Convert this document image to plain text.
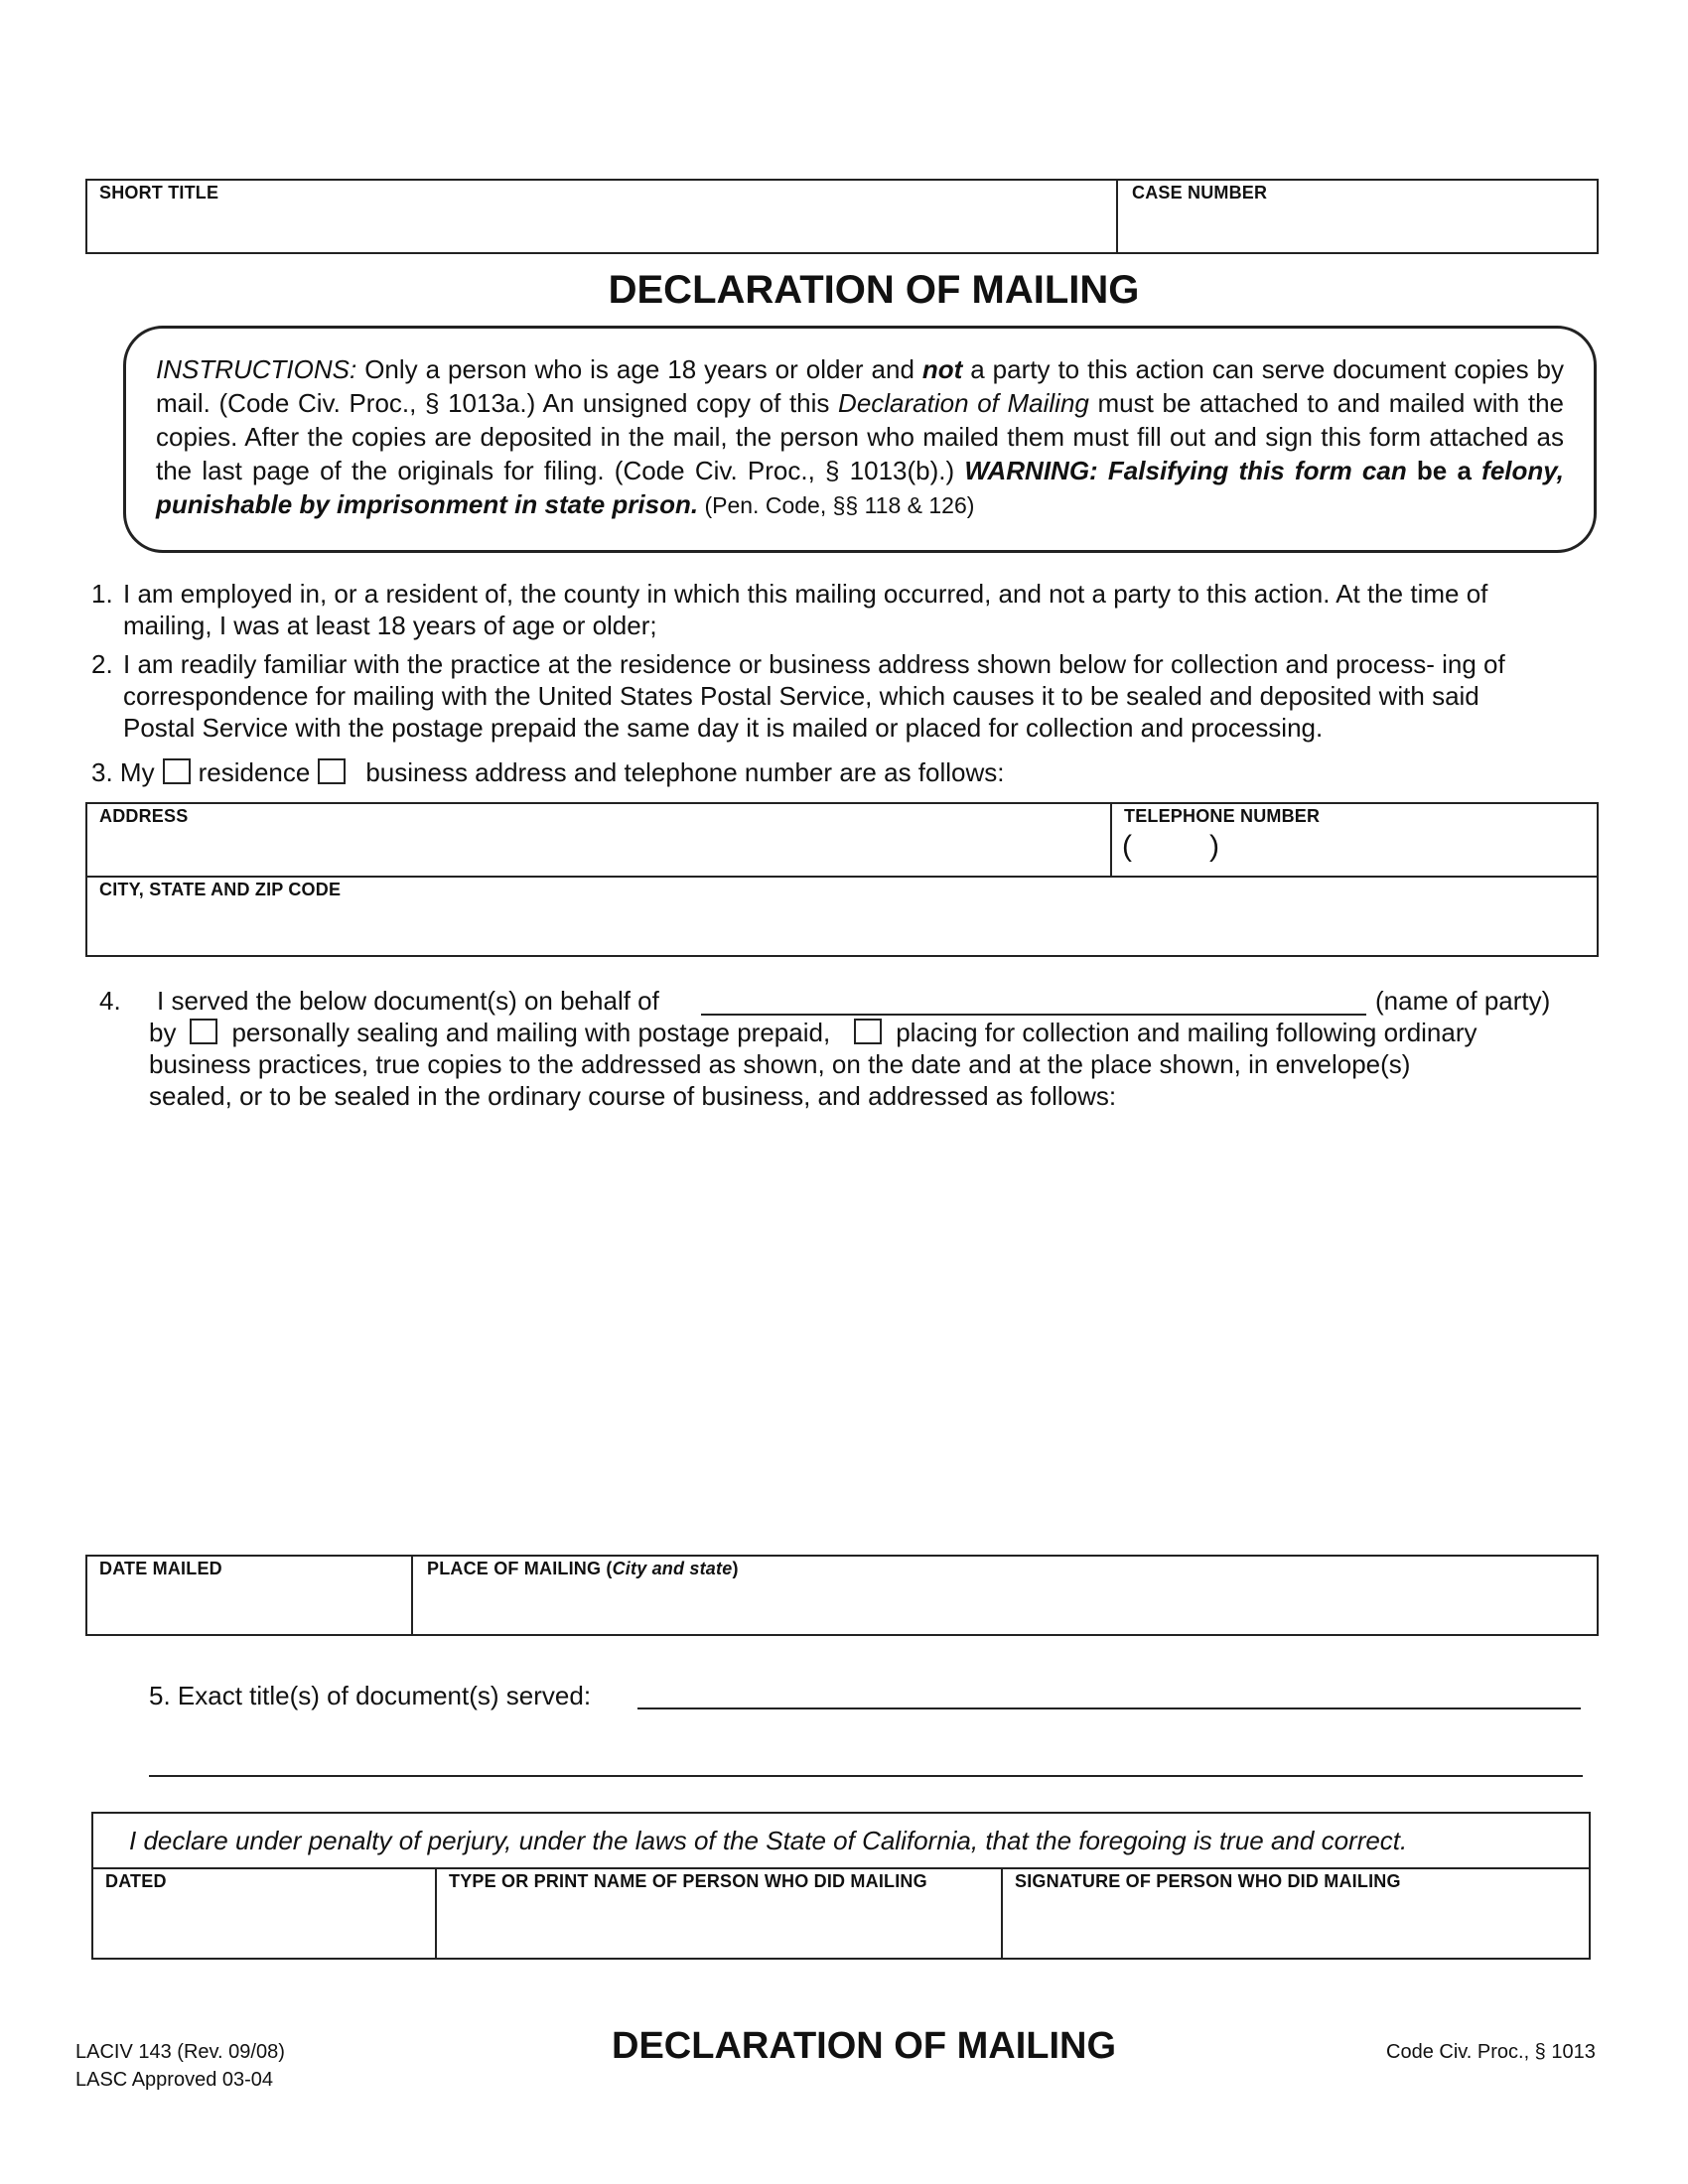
SHORT TITLE	CASE NUMBER
DECLARATION OF MAILING
INSTRUCTIONS: Only a person who is age 18 years or older and not a party to this action can serve document copies by mail. (Code Civ. Proc., § 1013a.) An unsigned copy of this Declaration of Mailing must be attached to and mailed with the copies. After the copies are deposited in the mail, the person who mailed them must fill out and sign this form attached as the last page of the originals for filing. (Code Civ. Proc., § 1013(b).) WARNING: Falsifying this form can be a felony, punishable by imprisonment in state prison. (Pen. Code, §§ 118 & 126)
1. I am employed in, or a resident of, the county in which this mailing occurred, and not a party to this action. At the time of mailing, I was at least 18 years of age or older;
2. I am readily familiar with the practice at the residence or business address shown below for collection and process- ing of correspondence for mailing with the United States Postal Service, which causes it to be sealed and deposited with said Postal Service with the postage prepaid the same day it is mailed or placed for collection and processing.
3. My residence business address and telephone number are as follows:
ADDRESS	TELEPHONE NUMBER
(	)
CITY, STATE AND ZIP CODE
4. I served the below document(s) on behalf of	(name of party)
by personally sealing and mailing with postage prepaid,	placing for collection and mailing following ordinary
business practices, true copies to the addressed as shown, on the date and at the place shown, in envelope(s)
sealed, or to be sealed in the ordinary course of business, and addressed as follows:
DATE MAILED	PLACE OF MAILING (City and state)
5. Exact title(s) of document(s) served:
I declare under penalty of perjury, under the laws of the State of California, that the foregoing is true and correct.
DATED	TYPE OR PRINT NAME OF PERSON WHO DID MAILING	SIGNATURE OF PERSON WHO DID MAILING
LACIV 143 (Rev. 09/08)
LASC Approved 03-04
DECLARATION OF MAILING	Code Civ. Proc., § 1013
